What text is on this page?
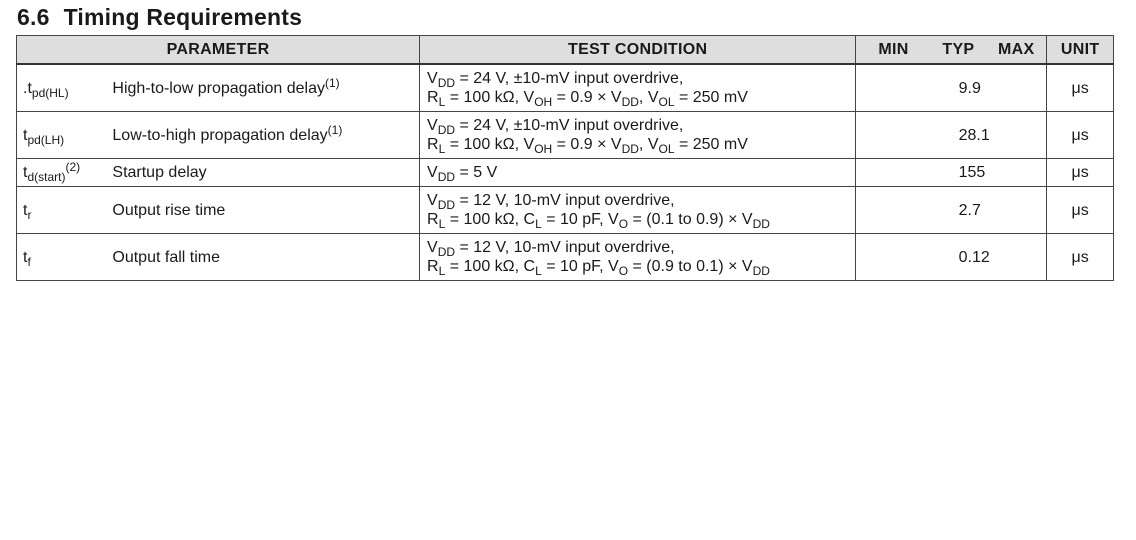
6.6 Timing Requirements
PARAMETER		TEST CONDITION	MIN	TYP	MAX	UNIT
$.t_{pd(HL)}$	High-to-low propagation delay$^{(1)}$	$V_{DD} = 24$ V, ±10-mV input overdrive,
$R_L = 100$ kΩ, $V_{OH} = 0.9 \times V_{DD}$, $V_{OL} = 250$ mV		9.9		μs
$t_{pd(LH)}$	Low-to-high propagation delay$^{(1)}$	$V_{DD} = 24$ V, ±10-mV input overdrive,
$R_L = 100$ kΩ, $V_{OH} = 0.9 \times V_{DD}$, $V_{OL} = 250$ mV		28.1		μs
$t_{d(start)}^{(2)}$	Startup delay	$V_{DD} = 5$ V		155		μs
$t_r$	Output rise time	$V_{DD} = 12$ V, 10-mV input overdrive,
$R_L = 100$ kΩ, $C_L = 10$ pF, $V_O = (0.1$ to $0.9) \times V_{DD}$		2.7		μs
$t_f$	Output fall time	$V_{DD} = 12$ V, 10-mV input overdrive,
$R_L = 100$ kΩ, $C_L = 10$ pF, $V_O = (0.9$ to $0.1) \times V_{DD}$		0.12		μs
